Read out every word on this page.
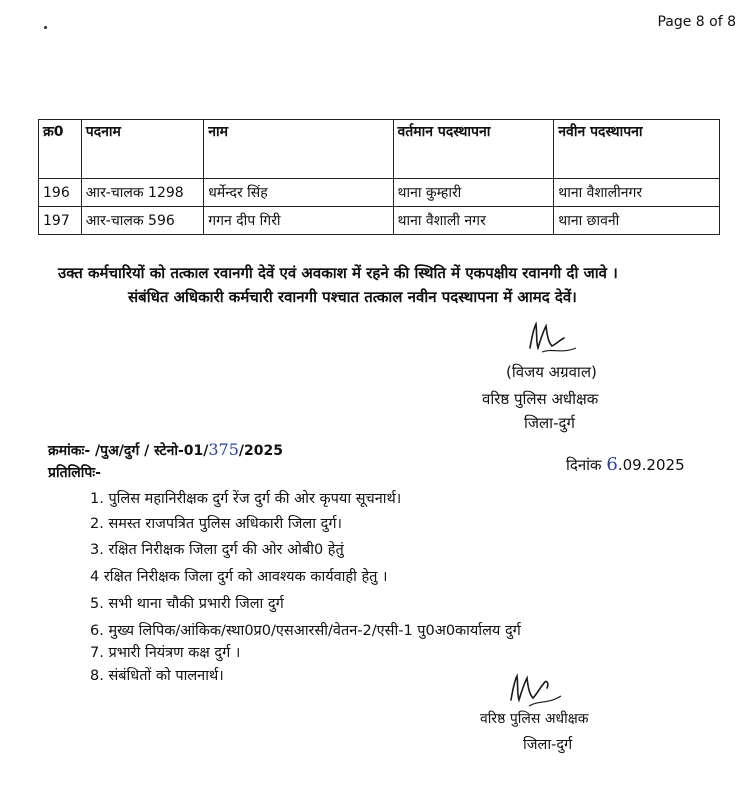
Page 8 of 8
क्र0	पदनाम	नाम	वर्तमान पदस्थापना	नवीन पदस्थापना
196	आर-चालक 1298	धर्मेन्दर सिंह	थाना कुम्हारी	थाना वैशालीनगर
197	आर-चालक 596	गगन दीप गिरी	थाना वैशाली नगर	थाना छावनी
उक्त कर्मचारियों को तत्काल रवानगी देवें एवं अवकाश में रहने की स्थिति में एकपक्षीय रवानगी दी जावे ।
संबंधित अधिकारी कर्मचारी रवानगी पश्चात तत्काल नवीन पदस्थापना में आमद देवें।
(विजय अग्रवाल)
वरिष्ठ पुलिस अधीक्षक
जिला-दुर्ग
क्रमांकः- /पुअ/दुर्ग / स्टेनो-01/375/2025
दिनांक 6.09.2025
प्रतिलिपिः-
1. पुलिस महानिरीक्षक दुर्ग रेंज दुर्ग की ओर कृपया सूचनार्थ।
2. समस्त राजपत्रित पुलिस अधिकारी जिला दुर्ग।
3. रक्षित निरीक्षक जिला दुर्ग की ओर ओबी0 हेतुं
4 रक्षित निरीक्षक जिला दुर्ग को आवश्यक कार्यवाही हेतु ।
5. सभी थाना चौकी प्रभारी जिला दुर्ग
6. मुख्य लिपिक/आंकिक/स्था0प्र0/एसआरसी/वेतन-2/एसी-1 पु0अ0कार्यालय दुर्ग
7. प्रभारी नियंत्रण कक्ष दुर्ग ।
8. संबंधितों को पालनार्थ।
वरिष्ठ पुलिस अधीक्षक
जिला-दुर्ग
